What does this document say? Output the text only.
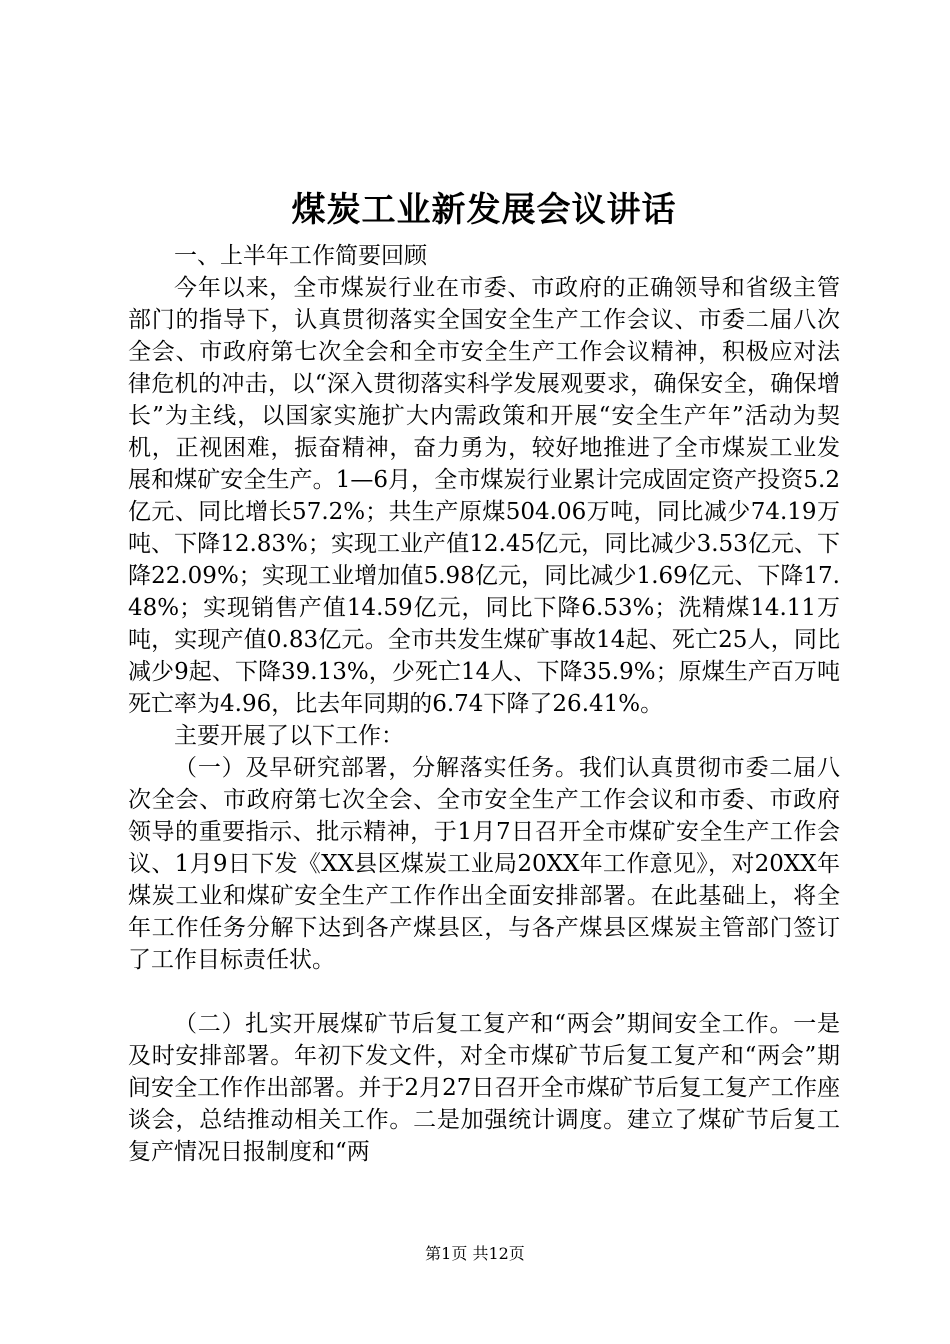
煤炭工业新发展会议讲话

一、上半年工作简要回顾

今年以来，全市煤炭行业在市委、市政府的正确领导和省级主管部门的指导下，认真贯彻落实全国安全生产工作会议、市委二届八次全会、市政府第七次全会和全市安全生产工作会议精神，积极应对法律危机的冲击，以“深入贯彻落实科学发展观要求，确保安全，确保增长”为主线，以国家实施扩大内需政策和开展“安全生产年”活动为契机，正视困难，振奋精神，奋力勇为，较好地推进了全市煤炭工业发展和煤矿安全生产。1—6月，全市煤炭行业累计完成固定资产投资5.2亿元、同比增长57.2%；共生产原煤504.06万吨，同比减少74.19万吨、下降12.83%；实现工业产值12.45亿元，同比减少3.53亿元、下降22.09%；实现工业增加值5.98亿元，同比减少1.69亿元、下降17.48%；实现销售产值14.59亿元，同比下降6.53%；洗精煤14.11万吨，实现产值0.83亿元。全市共发生煤矿事故14起、死亡25人，同比减少9起、下降39.13%，少死亡14人、下降35.9%；原煤生产百万吨死亡率为4.96，比去年同期的6.74下降了26.41%。

主要开展了以下工作：

（一）及早研究部署，分解落实任务。我们认真贯彻市委二届八次全会、市政府第七次全会、全市安全生产工作会议和市委、市政府领导的重要指示、批示精神，于1月7日召开全市煤矿安全生产工作会议、1月9日下发《XX县区煤炭工业局20XX年工作意见》，对20XX年煤炭工业和煤矿安全生产工作作出全面安排部署。在此基础上，将全年工作任务分解下达到各产煤县区，与各产煤县区煤炭主管部门签订了工作目标责任状。

（二）扎实开展煤矿节后复工复产和“两会”期间安全工作。一是及时安排部署。年初下发文件，对全市煤矿节后复工复产和“两会”期间安全工作作出部署。并于2月27日召开全市煤矿节后复工复产工作座谈会，总结推动相关工作。二是加强统计调度。建立了煤矿节后复工复产情况日报制度和“两

第1页 共12页
